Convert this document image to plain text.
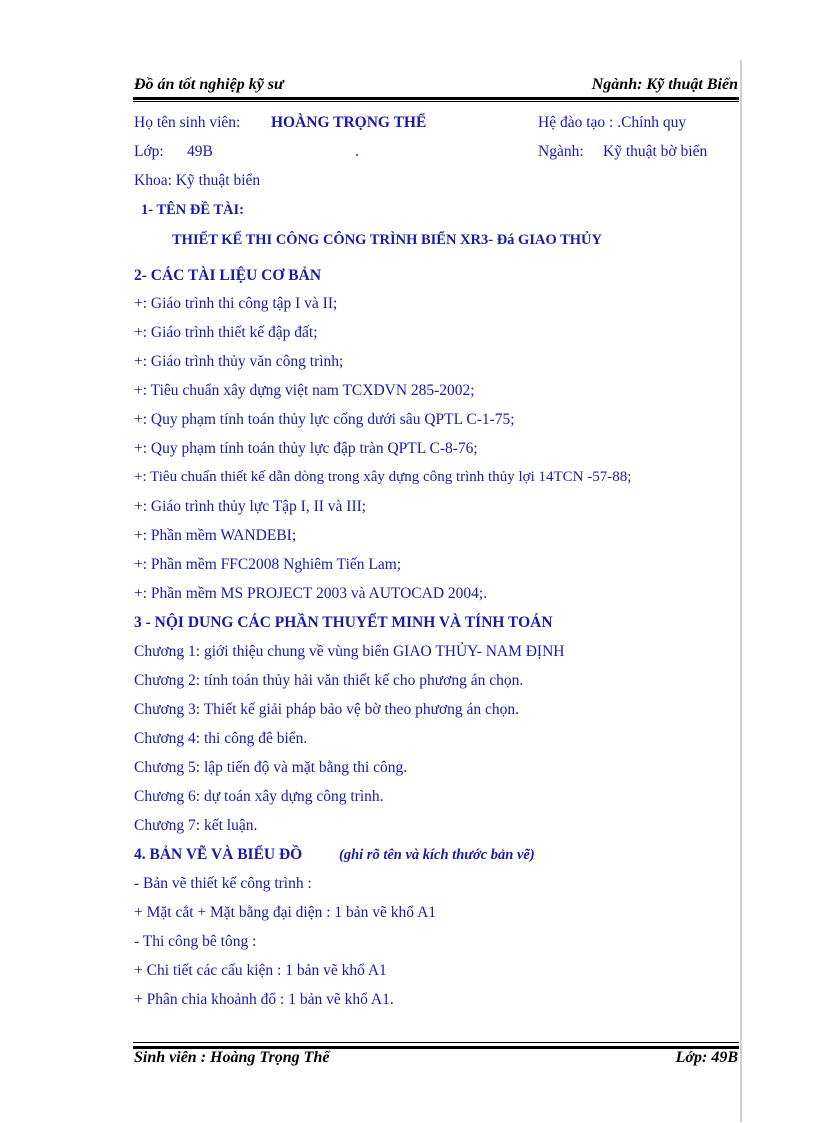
Đồ án tốt nghiệp kỹ sư	Ngành: Kỹ thuật Biển
Họ tên sinh viên: HOÀNG TRỌNG THỂ	Hệ đào tạo : .Chính quy
Lớp: 49B	.	Ngành: Kỹ thuật bờ biển
Khoa: Kỹ thuật biển
1- TÊN ĐỀ TÀI:
THIẾT KẾ THI CÔNG CÔNG TRÌNH BIỂN XR3- Đá GIAO THỦY
2- CÁC TÀI LIỆU CƠ BẢN
+: Giáo trình thi công tập I và II;
+: Giáo trình thiết kế đập đất;
+: Giáo trình thủy văn công trình;
+: Tiêu chuẩn xây dựng việt nam TCXDVN 285-2002;
+: Quy phạm tính toán thủy lực cống dưới sâu QPTL C-1-75;
+: Quy phạm tính toán thủy lực đập tràn QPTL C-8-76;
+: Tiêu chuẩn thiết kế dẫn dòng trong xây dựng công trình thủy lợi 14TCN -57-88;
+: Giáo trình thủy lực Tập I, II và III;
+: Phần mềm WANDEBI;
+: Phần mềm FFC2008 Nghiêm Tiến Lam;
+: Phần mềm MS PROJECT 2003 và AUTOCAD 2004;.
3 - NỘI DUNG CÁC PHẦN THUYẾT MINH VÀ TÍNH TOÁN
Chương 1: giới thiệu chung về vùng biển GIAO THỦY- NAM ĐỊNH
Chương 2: tính toán thủy hải văn thiết kế cho phương án chọn.
Chương 3: Thiết kế giải pháp bảo vệ bờ theo phương án chọn.
Chương 4: thi công đê biển.
Chương 5: lập tiến độ và mặt bằng thi công.
Chương 6: dự toán xây dựng công trình.
Chương 7: kết luận.
4. BẢN VẼ VÀ BIỂU ĐỒ	(ghi rõ tên và kích thước bản vẽ)
- Bản vẽ thiết kế công trình :
+ Mặt cắt + Mặt bằng đại diện : 1 bản vẽ khổ A1
- Thi công bê tông :
+ Chi tiết các cấu kiện : 1 bản vẽ khổ A1
+ Phân chia khoảnh đổ : 1 bản vẽ khổ A1.
Sinh viên : Hoàng Trọng Thể	Lớp: 49B
